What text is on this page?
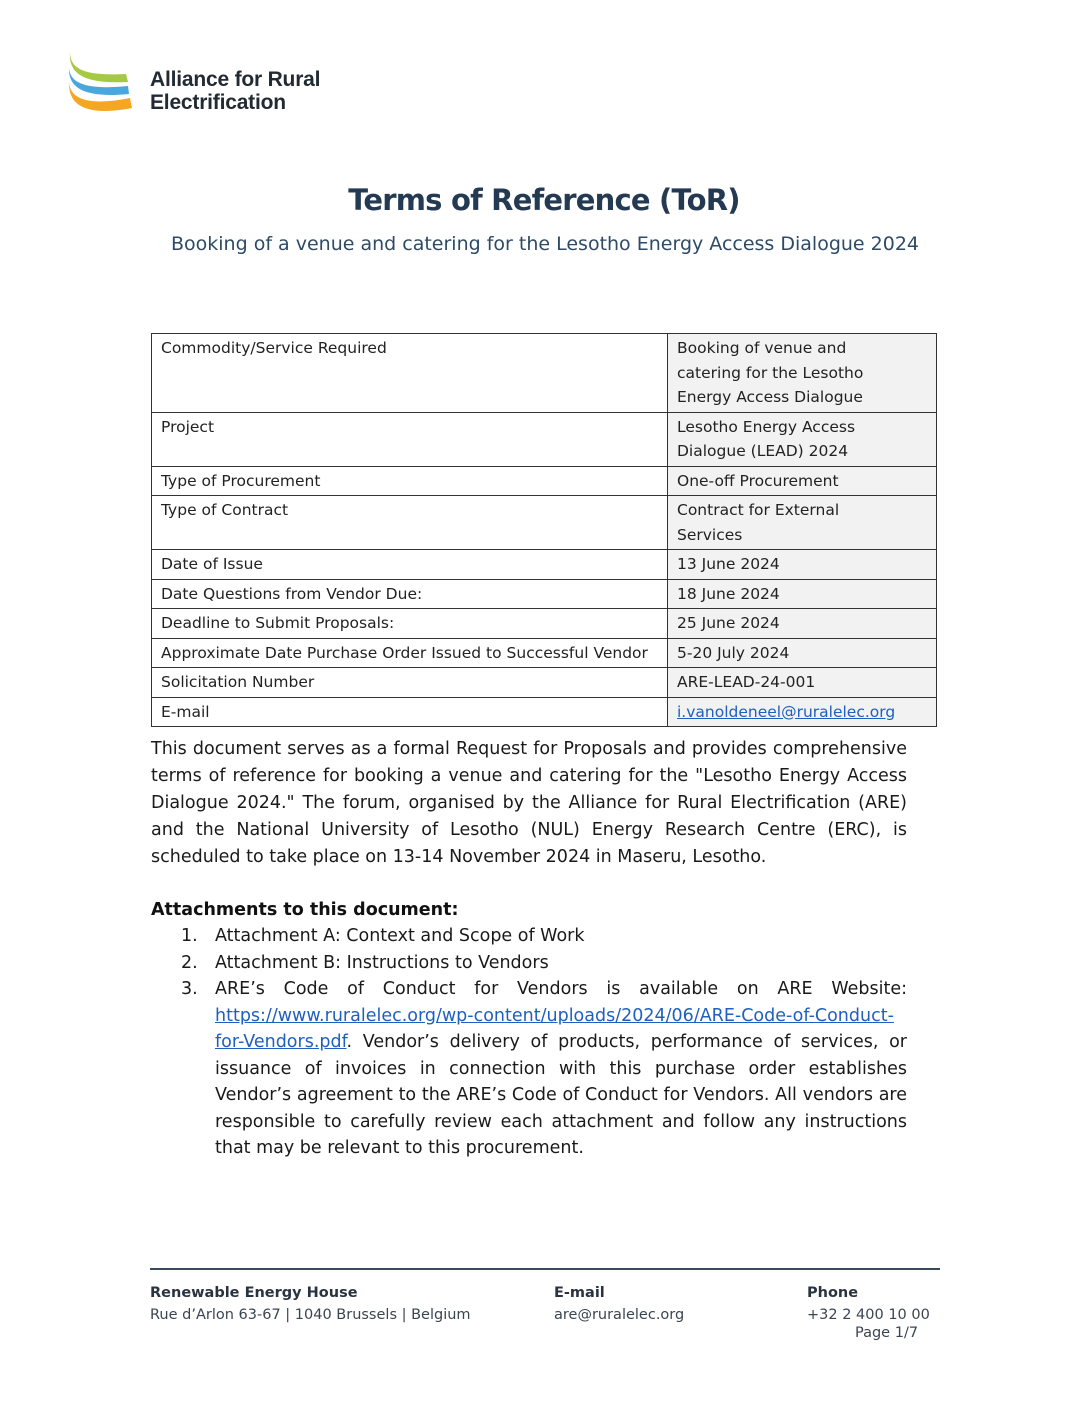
Alliance for Rural
Electrification
Terms of Reference (ToR)
Booking of a venue and catering for the Lesotho Energy Access Dialogue 2024
Commodity/Service Required	Booking of venue and catering for the Lesotho Energy Access Dialogue
Project	Lesotho Energy Access Dialogue (LEAD) 2024
Type of Procurement	One-off Procurement
Type of Contract	Contract for External Services
Date of Issue	13 June 2024
Date Questions from Vendor Due:	18 June 2024
Deadline to Submit Proposals:	25 June 2024
Approximate Date Purchase Order Issued to Successful Vendor	5-20 July 2024
Solicitation Number	ARE-LEAD-24-001
E-mail	i.vanoldeneel@ruralelec.org
This document serves as a formal Request for Proposals and provides comprehensive terms of reference for booking a venue and catering for the "Lesotho Energy Access Dialogue 2024." The forum, organised by the Alliance for Rural Electrification (ARE) and the National University of Lesotho (NUL) Energy Research Centre (ERC), is scheduled to take place on 13-14 November 2024 in Maseru, Lesotho.
Attachments to this document:
1. Attachment A: Context and Scope of Work
2. Attachment B: Instructions to Vendors
3. ARE’s Code of Conduct for Vendors is available on ARE Website: https://www.ruralelec.org/wp-content/uploads/2024/06/ARE-Code-of-Conduct-for-Vendors.pdf. Vendor’s delivery of products, performance of services, or issuance of invoices in connection with this purchase order establishes Vendor’s agreement to the ARE’s Code of Conduct for Vendors. All vendors are responsible to carefully review each attachment and follow any instructions that may be relevant to this procurement.
Renewable Energy House
Rue d’Arlon 63-67 | 1040 Brussels | Belgium
E-mail
are@ruralelec.org
Phone
+32 2 400 10 00
Page 1/7
